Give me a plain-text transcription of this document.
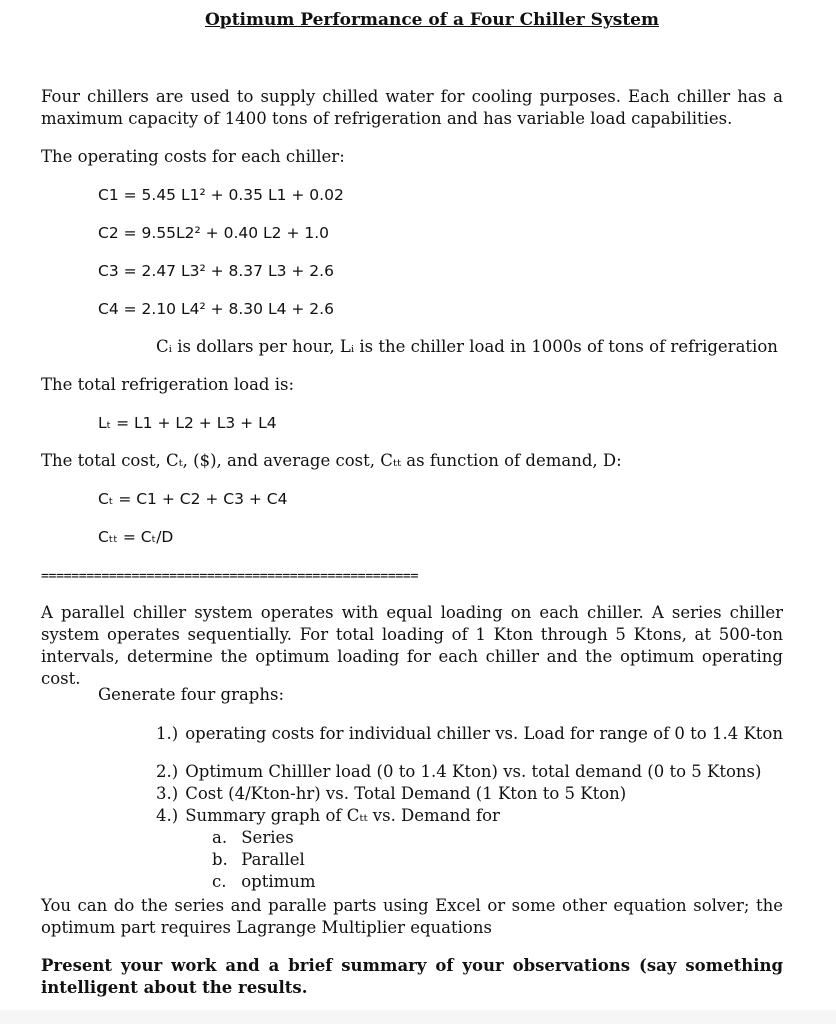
Optimum Performance of a Four Chiller System

Four chillers are used to supply chilled water for cooling purposes. Each chiller has a maximum capacity of 1400 tons of refrigeration and has variable load capabilities.

The operating costs for each chiller:

C1 = 5.45 L1² + 0.35 L1 + 0.02

C2 = 9.55L2² + 0.40 L2 + 1.0

C3 = 2.47 L3² + 8.37 L3 + 2.6

C4 = 2.10 L4² + 8.30 L4 + 2.6

Cᵢ is dollars per hour, Lᵢ is the chiller load in 1000s of tons of refrigeration

The total refrigeration load is:

Lₜ = L1 + L2 + L3 + L4

The total cost, Cₜ, ($), and average cost, Cₜₜ as function of demand, D:

Cₜ = C1 + C2 + C3 + C4

Cₜₜ = Cₜ/D

==================================================

A parallel chiller system operates with equal loading on each chiller. A series chiller system operates sequentially. For total loading of 1 Kton through 5 Ktons, at 500-ton intervals, determine the optimum loading for each chiller and the optimum operating cost.

Generate four graphs:

1.) operating costs for individual chiller vs. Load for range of 0 to 1.4 Kton

2.) Optimum Chilller load (0 to 1.4 Kton) vs. total demand (0 to 5 Ktons)

3.) Cost (4/Kton-hr) vs. Total Demand (1 Kton to 5 Kton)

4.) Summary graph of Cₜₜ vs. Demand for

a. Series

b. Parallel

c. optimum

You can do the series and paralle parts using Excel or some other equation solver; the optimum part requires Lagrange Multiplier equations

Present your work and a brief summary of your observations (say something intelligent about the results.
